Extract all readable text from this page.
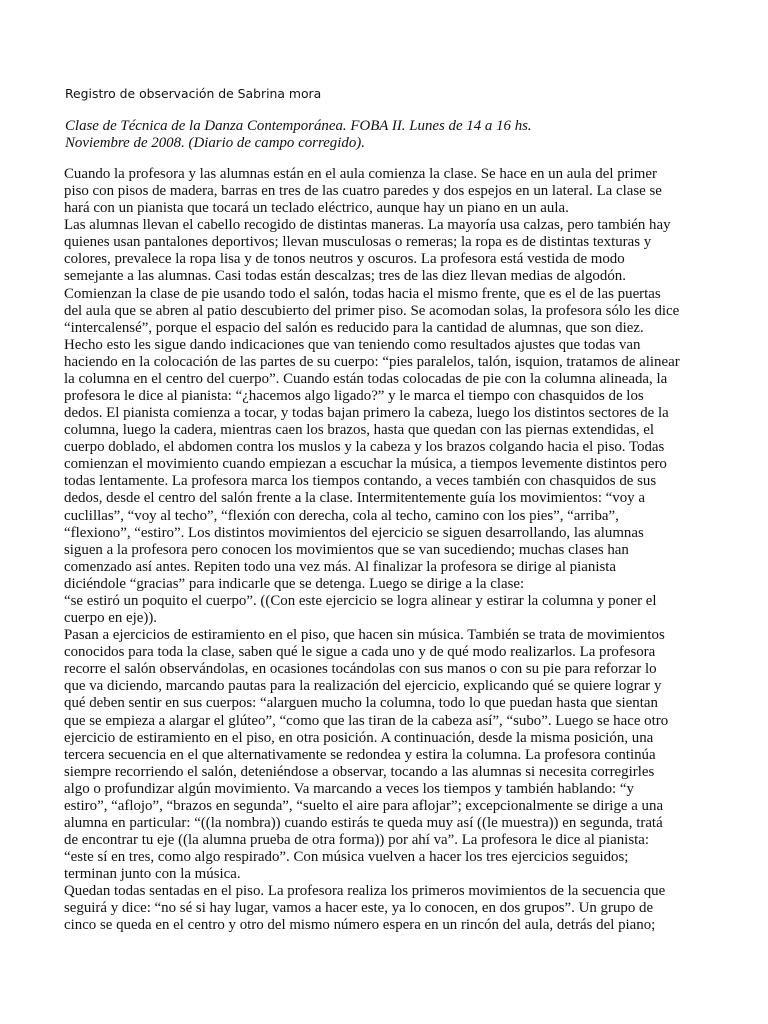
Registro de observación de Sabrina mora
Clase de Técnica de la Danza Contemporánea. FOBA II. Lunes de 14 a 16 hs.
Noviembre de 2008. (Diario de campo corregido).
Cuando la profesora y las alumnas están en el aula comienza la clase. Se hace en un aula del primer
piso con pisos de madera, barras en tres de las cuatro paredes y dos espejos en un lateral. La clase se
hará con un pianista que tocará un teclado eléctrico, aunque hay un piano en un aula.
Las alumnas llevan el cabello recogido de distintas maneras. La mayoría usa calzas, pero también hay
quienes usan pantalones deportivos; llevan musculosas o remeras; la ropa es de distintas texturas y
colores, prevalece la ropa lisa y de tonos neutros y oscuros. La profesora está vestida de modo
semejante a las alumnas. Casi todas están descalzas; tres de las diez llevan medias de algodón.
Comienzan la clase de pie usando todo el salón, todas hacia el mismo frente, que es el de las puertas
del aula que se abren al patio descubierto del primer piso. Se acomodan solas, la profesora sólo les dice
“intercalensé”, porque el espacio del salón es reducido para la cantidad de alumnas, que son diez.
Hecho esto les sigue dando indicaciones que van teniendo como resultados ajustes que todas van
haciendo en la colocación de las partes de su cuerpo: “pies paralelos, talón, isquion, tratamos de alinear
la columna en el centro del cuerpo”. Cuando están todas colocadas de pie con la columna alineada, la
profesora le dice al pianista: “¿hacemos algo ligado?” y le marca el tiempo con chasquidos de los
dedos. El pianista comienza a tocar, y todas bajan primero la cabeza, luego los distintos sectores de la
columna, luego la cadera, mientras caen los brazos, hasta que quedan con las piernas extendidas, el
cuerpo doblado, el abdomen contra los muslos y la cabeza y los brazos colgando hacia el piso. Todas
comienzan el movimiento cuando empiezan a escuchar la música, a tiempos levemente distintos pero
todas lentamente. La profesora marca los tiempos contando, a veces también con chasquidos de sus
dedos, desde el centro del salón frente a la clase. Intermitentemente guía los movimientos: “voy a
cuclillas”, “voy al techo”, “flexión con derecha, cola al techo, camino con los pies”, “arriba”,
“flexiono”, “estiro”. Los distintos movimientos del ejercicio se siguen desarrollando, las alumnas
siguen a la profesora pero conocen los movimientos que se van sucediendo; muchas clases han
comenzado así antes. Repiten todo una vez más. Al finalizar la profesora se dirige al pianista
diciéndole “gracias” para indicarle que se detenga. Luego se dirige a la clase:
“se estiró un poquito el cuerpo”. ((Con este ejercicio se logra alinear y estirar la columna y poner el
cuerpo en eje)).
Pasan a ejercicios de estiramiento en el piso, que hacen sin música. También se trata de movimientos
conocidos para toda la clase, saben qué le sigue a cada uno y de qué modo realizarlos. La profesora
recorre el salón observándolas, en ocasiones tocándolas con sus manos o con su pie para reforzar lo
que va diciendo, marcando pautas para la realización del ejercicio, explicando qué se quiere lograr y
qué deben sentir en sus cuerpos: “alarguen mucho la columna, todo lo que puedan hasta que sientan
que se empieza a alargar el glúteo”, “como que las tiran de la cabeza así”, “subo”. Luego se hace otro
ejercicio de estiramiento en el piso, en otra posición. A continuación, desde la misma posición, una
tercera secuencia en el que alternativamente se redondea y estira la columna. La profesora continúa
siempre recorriendo el salón, deteniéndose a observar, tocando a las alumnas si necesita corregirles
algo o profundizar algún movimiento. Va marcando a veces los tiempos y también hablando: “y
estiro”, “aflojo”, “brazos en segunda”, “suelto el aire para aflojar”; excepcionalmente se dirige a una
alumna en particular: “((la nombra)) cuando estirás te queda muy así ((le muestra)) en segunda, tratá
de encontrar tu eje ((la alumna prueba de otra forma)) por ahí va”. La profesora le dice al pianista:
“este sí en tres, como algo respirado”. Con música vuelven a hacer los tres ejercicios seguidos;
terminan junto con la música.
Quedan todas sentadas en el piso. La profesora realiza los primeros movimientos de la secuencia que
seguirá y dice: “no sé si hay lugar, vamos a hacer este, ya lo conocen, en dos grupos”. Un grupo de
cinco se queda en el centro y otro del mismo número espera en un rincón del aula, detrás del piano;
